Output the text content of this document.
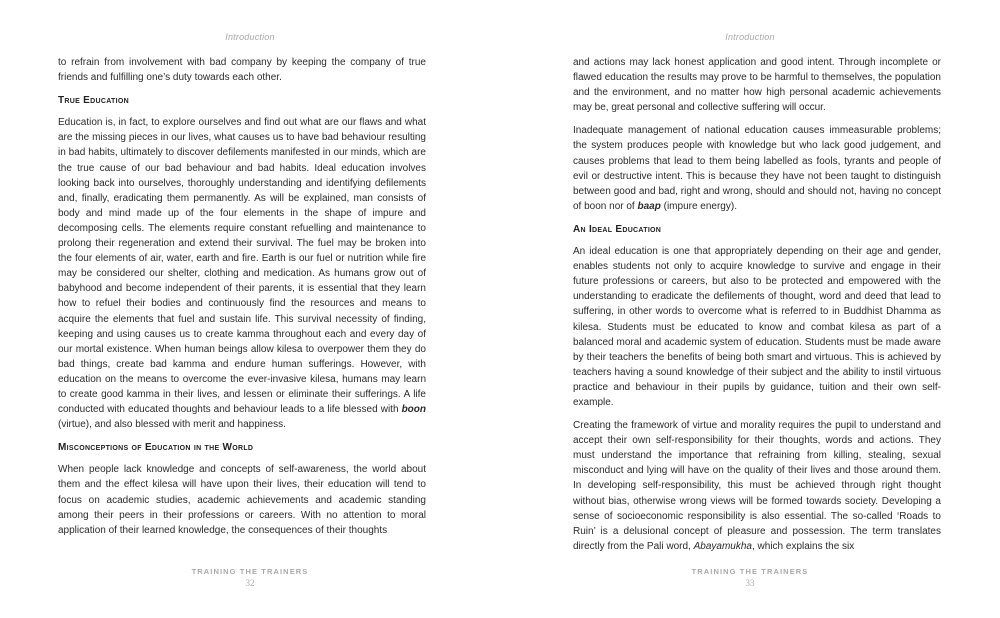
Introduction

to refrain from involvement with bad company by keeping the company of true friends and fulfilling one’s duty towards each other.

True Education

Education is, in fact, to explore ourselves and find out what are our flaws and what are the missing pieces in our lives, what causes us to have bad behaviour resulting in bad habits, ultimately to discover defilements manifested in our minds, which are the true cause of our bad behaviour and bad habits. Ideal education involves looking back into ourselves, thoroughly understanding and identifying defilements and, finally, eradicating them permanently. As will be explained, man consists of body and mind made up of the four elements in the shape of impure and decomposing cells. The elements require constant refuelling and maintenance to prolong their regeneration and extend their survival. The fuel may be broken into the four elements of air, water, earth and fire. Earth is our fuel or nutrition while fire may be considered our shelter, clothing and medication. As humans grow out of babyhood and become independent of their parents, it is essential that they learn how to refuel their bodies and continuously find the resources and means to acquire the elements that fuel and sustain life. This survival necessity of finding, keeping and using causes us to create kamma throughout each and every day of our mortal existence. When human beings allow kilesa to overpower them they do bad things, create bad kamma and endure human sufferings. However, with education on the means to overcome the ever-invasive kilesa, humans may learn to create good kamma in their lives, and lessen or eliminate their sufferings. A life conducted with educated thoughts and behaviour leads to a life blessed with boon (virtue), and also blessed with merit and happiness.

Misconceptions of Education in the World

When people lack knowledge and concepts of self-awareness, the world about them and the effect kilesa will have upon their lives, their education will tend to focus on academic studies, academic achievements and academic standing among their peers in their professions or careers. With no attention to moral application of their learned knowledge, the consequences of their thoughts

TRAINING THE TRAINERS
32
Introduction

and actions may lack honest application and good intent. Through incomplete or flawed education the results may prove to be harmful to themselves, the population and the environment, and no matter how high personal academic achievements may be, great personal and collective suffering will occur.

Inadequate management of national education causes immeasurable problems; the system produces people with knowledge but who lack good judgement, and causes problems that lead to them being labelled as fools, tyrants and people of evil or destructive intent. This is because they have not been taught to distinguish between good and bad, right and wrong, should and should not, having no concept of boon nor of baap (impure energy).

An Ideal Education

An ideal education is one that appropriately depending on their age and gender, enables students not only to acquire knowledge to survive and engage in their future professions or careers, but also to be protected and empowered with the understanding to eradicate the defilements of thought, word and deed that lead to suffering, in other words to overcome what is referred to in Buddhist Dhamma as kilesa. Students must be educated to know and combat kilesa as part of a balanced moral and academic system of education. Students must be made aware by their teachers the benefits of being both smart and virtuous. This is achieved by teachers having a sound knowledge of their subject and the ability to instil virtuous practice and behaviour in their pupils by guidance, tuition and their own self-example.

Creating the framework of virtue and morality requires the pupil to understand and accept their own self-responsibility for their thoughts, words and actions. They must understand the importance that refraining from killing, stealing, sexual misconduct and lying will have on the quality of their lives and those around them. In developing self-responsibility, this must be achieved through right thought without bias, otherwise wrong views will be formed towards society. Developing a sense of socioeconomic responsibility is also essential. The so-called ‘Roads to Ruin’ is a delusional concept of pleasure and possession. The term translates directly from the Pali word, Abayamukha, which explains the six

TRAINING THE TRAINERS
33
